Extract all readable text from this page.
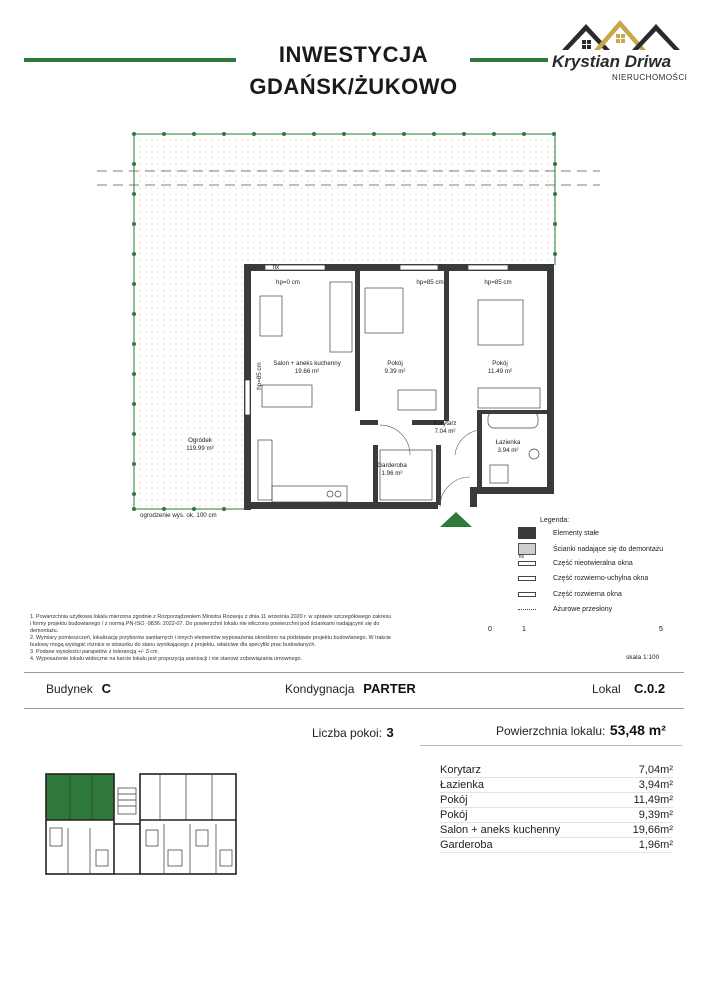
INWESTYCJA
GDAŃSK/ŻUKOWO
Krystian Driwa
NIERUCHOMOŚCI
Salon + aneks kuchenny
19.66 m²
Pokój
9.39 m²
Pokój
11.49 m²
Korytarz
7.04 m²
Łazienka
3.94 m²
Garderoba
1.96 m²
Ogródek
119.99 m²
hp=0 cm	hp=85 cm	hp=85 cm
fix
hp=85 cm
ogrodzenie wys. ok. 100 cm
Legenda:
Elementy stałe
Ścianki nadające się do demontażu
fix
Część nieotwieralna okna
Część rozwierno-uchylna okna
Część rozwierna okna
Ażurowe przesłony
0	1	5
skala 1:100
1. Powierzchnia użytkowa lokalu mierzona zgodnie z Rozporządzeniem Ministra Rozwoju z dnia 11 września 2020 r. w sprawie szczegółowego zakresu
i formy projektu budowlanego / z normą PN-ISO -9836: 2022-07. Do powierzchni lokalu nie wliczono powierzchni pod ściankami nadającymi się do
demontażu.
2. Wymiary pomieszczeń, lokalizację przyborów sanitarnych i innych elementów wyposażenia określono na podstawie projektu budowlanego. W trakcie
budowy mogą wystąpić różnice w stosunku do stanu wynikającego z projektu, właściwe dla specyfiki prac budowlanych.
3. Podane wysokości parapetów z tolerancją +/- 3 cm.
4. Wyposażenie lokalu widoczne na karcie lokalu jest propozycją aranżacji i nie stanowi zobowiązania umownego.
Budynek C	Kondygnacja PARTER	Lokal C.0.2
Liczba pokoi: 3	Powierzchnia lokalu: 53,48 m²
Korytarz	7,04m²
Łazienka	3,94m²
Pokój	11,49m²
Pokój	9,39m²
Salon + aneks kuchenny	19,66m²
Garderoba	1,96m²
